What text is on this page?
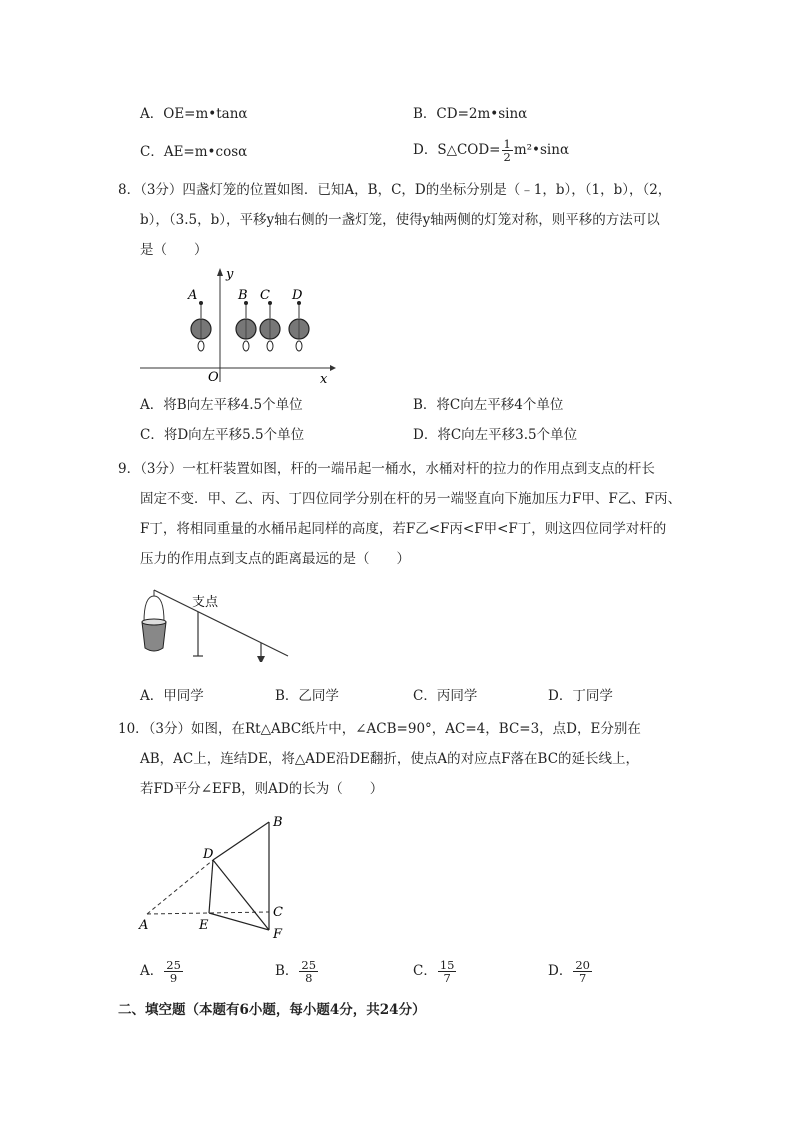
A．OE=m•tanα	B．CD=2m•sinα
C．AE=m•cosα	D．S△COD= $\frac{1}{2}$ m²•sinα
8．（3分）四盏灯笼的位置如图．已知A，B，C，D的坐标分别是（﹣1，b），（1，b），（2，
b），（3.5，b），平移y轴右侧的一盏灯笼，使得y轴两侧的灯笼对称，则平移的方法可以
是（　　）
y
x
O
A	B C D
A．将B向左平移4.5个单位	B．将C向左平移4个单位
C．将D向左平移5.5个单位	D．将C向左平移3.5个单位
9．（3分）一杠杆装置如图，杆的一端吊起一桶水，水桶对杆的拉力的作用点到支点的杆长
固定不变．甲、乙、丙、丁四位同学分别在杆的另一端竖直向下施加压力F甲、F乙、F丙、
F丁，将相同重量的水桶吊起同样的高度，若F乙<F丙<F甲<F丁，则这四位同学对杆的
压力的作用点到支点的距离最远的是（　　）
支点
A．甲同学	B．乙同学	C．丙同学	D．丁同学
10．（3分）如图，在Rt△ABC纸片中，∠ACB=90°，AC=4，BC=3，点D，E分别在
AB，AC上，连结DE，将△ADE沿DE翻折，使点A的对应点F落在BC的延长线上，
若FD平分∠EFB，则AD的长为（　　）
A
B
C
D
E
F
A． $\frac{25}{9}$	B． $\frac{25}{8}$	C． $\frac{15}{7}$	D． $\frac{20}{7}$
二、填空题（本题有6小题，每小题4分，共24分）
